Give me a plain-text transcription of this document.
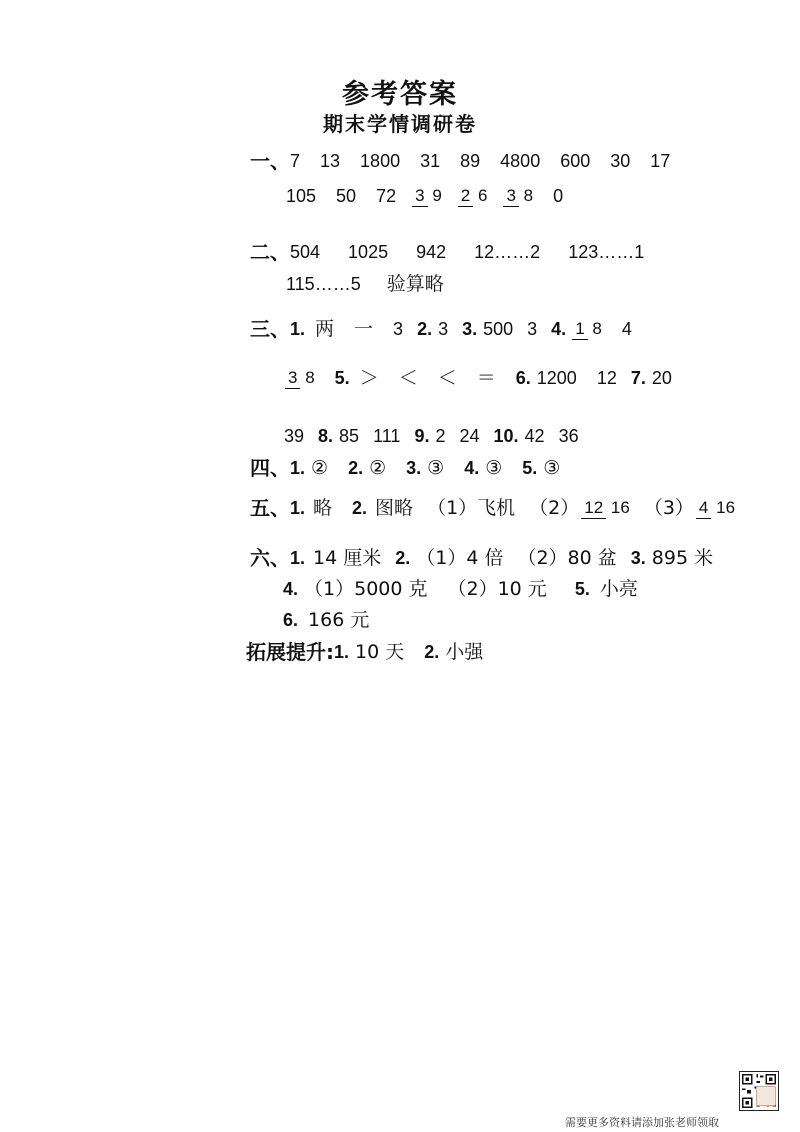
参考答案
期末学情调研卷
一、 7 13 1800 31 89 4800 600 30 17
105 50 72 3 9 2 6 3 8 0
二、 504 1025 942 12……2 123……1
115……5 验算略
三、 1. 两 一 3 2. 3 3. 500 3 4. 1 8 4
3 8 5. ＞ ＜ ＜ ＝ 6. 1200 12 7. 20
39 8. 85 111 9. 2 24 10. 42 36
四、 1. ② 2. ② 3. ③ 4. ③ 5. ③
五、 1. 略 2. 图略 （1）飞机 （2） 12 16 （3） 4 16
六、 1. 14 厘米 2. （1）4 倍 （2）80 盆 3. 895 米
4. （1）5000 克 （2）10 元 5. 小亮
6. 166 元
拓展提升: 1. 10 天 2. 小强
需要更多资料请添加张老师领取
